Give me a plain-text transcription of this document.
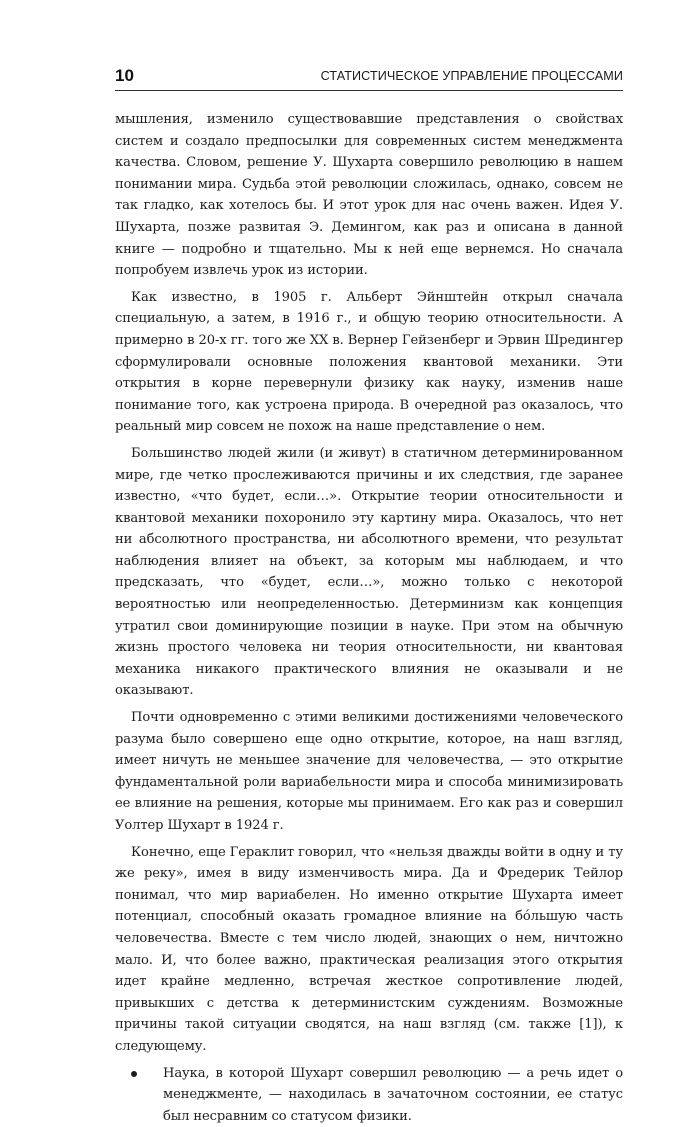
10	СТАТИСТИЧЕСКОЕ УПРАВЛЕНИЕ ПРОЦЕССАМИ

мышления, изменило существовавшие представления о свойствах систем и создало предпосылки для современных систем менеджмента качества. Словом, решение У. Шухарта совершило революцию в нашем понимании мира. Судьба этой революции сложилась, однако, совсем не так гладко, как хотелось бы. И этот урок для нас очень важен. Идея У. Шухарта, позже развитая Э. Демингом, как раз и описана в данной книге — подробно и тщательно. Мы к ней еще вернемся. Но сначала попробуем извлечь урок из истории.

Как известно, в 1905 г. Альберт Эйнштейн открыл сначала специальную, а затем, в 1916 г., и общую теорию относительности. А примерно в 20-х гг. того же XX в. Вернер Гейзенберг и Эрвин Шредингер сформулировали основные положения квантовой механики. Эти открытия в корне перевернули физику как науку, изменив наше понимание того, как устроена природа. В очередной раз оказалось, что реальный мир совсем не похож на наше представление о нем.

Большинство людей жили (и живут) в статичном детерминированном мире, где четко прослеживаются причины и их следствия, где заранее известно, «что будет, если…». Открытие теории относительности и квантовой механики похоронило эту картину мира. Оказалось, что нет ни абсолютного пространства, ни абсолютного времени, что результат наблюдения влияет на объект, за которым мы наблюдаем, и что предсказать, что «будет, если…», можно только с некоторой вероятностью или неопределенностью. Детерминизм как концепция утратил свои доминирующие позиции в науке. При этом на обычную жизнь простого человека ни теория относительности, ни квантовая механика никакого практического влияния не оказывали и не оказывают.

Почти одновременно с этими великими достижениями человеческого разума было совершено еще одно открытие, которое, на наш взгляд, имеет ничуть не меньшее значение для человечества, — это открытие фундаментальной роли вариабельности мира и способа минимизировать ее влияние на решения, которые мы принимаем. Его как раз и совершил Уолтер Шухарт в 1924 г.

Конечно, еще Гераклит говорил, что «нельзя дважды войти в одну и ту же реку», имея в виду изменчивость мира. Да и Фредерик Тейлор понимал, что мир вариабелен. Но именно открытие Шухарта имеет потенциал, способный оказать громадное влияние на бóльшую часть человечества. Вместе с тем число людей, знающих о нем, ничтожно мало. И, что более важно, практическая реализация этого открытия идет крайне медленно, встречая жесткое сопротивление людей, привыкших с детства к детерминистским суждениям. Возможные причины такой ситуации сводятся, на наш взгляд (см. также [1]), к следующему.

Наука, в которой Шухарт совершил революцию — а речь идет о менеджменте, — находилась в зачаточном состоянии, ее статус был несравним со статусом физики.
